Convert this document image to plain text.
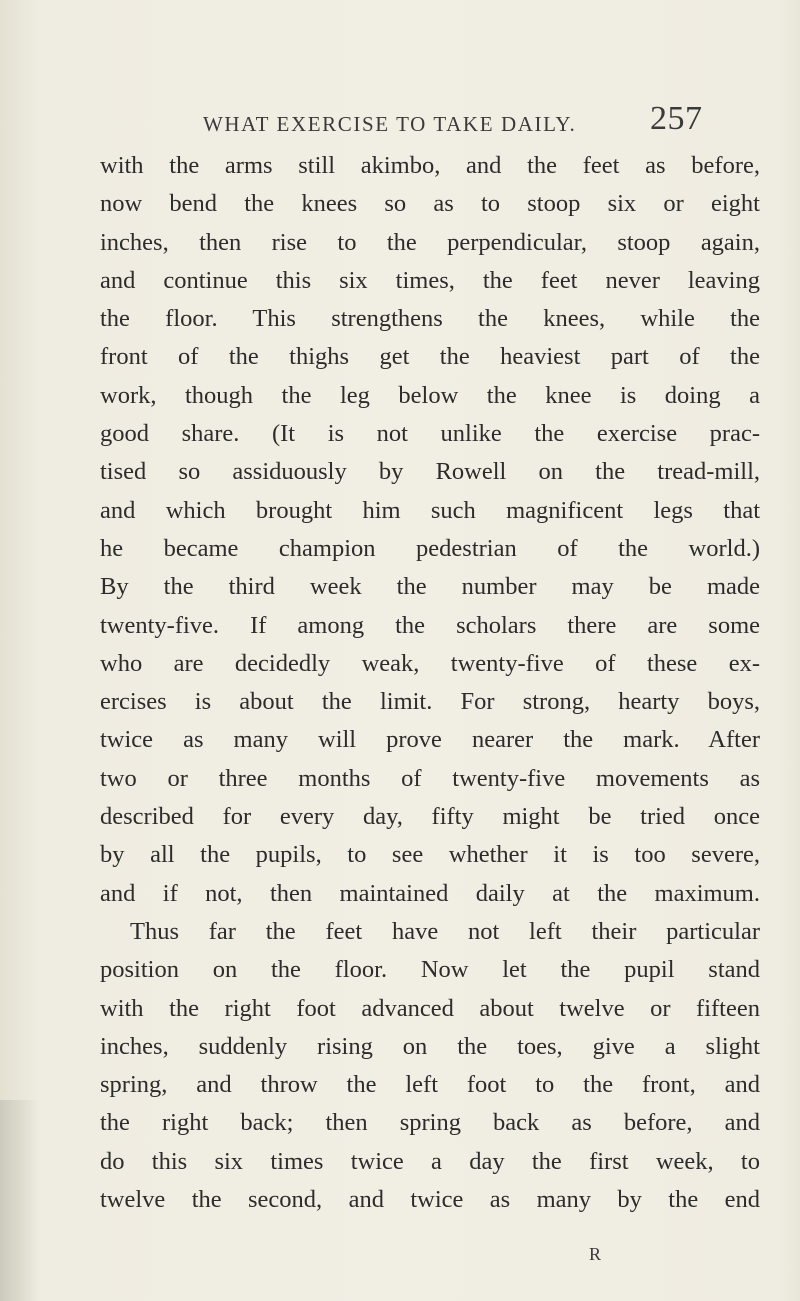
WHAT EXERCISE TO TAKE DAILY. 257
with the arms still akimbo, and the feet as before,
now bend the knees so as to stoop six or eight
inches, then rise to the perpendicular, stoop again,
and continue this six times, the feet never leaving
the floor. This strengthens the knees, while the
front of the thighs get the heaviest part of the
work, though the leg below the knee is doing a
good share. (It is not unlike the exercise prac-
tised so assiduously by Rowell on the tread-mill,
and which brought him such magnificent legs that
he became champion pedestrian of the world.)
By the third week the number may be made
twenty-five. If among the scholars there are some
who are decidedly weak, twenty-five of these ex-
ercises is about the limit. For strong, hearty boys,
twice as many will prove nearer the mark. After
two or three months of twenty-five movements as
described for every day, fifty might be tried once
by all the pupils, to see whether it is too severe,
and if not, then maintained daily at the maximum.
Thus far the feet have not left their particular
position on the floor. Now let the pupil stand
with the right foot advanced about twelve or fifteen
inches, suddenly rising on the toes, give a slight
spring, and throw the left foot to the front, and
the right back; then spring back as before, and
do this six times twice a day the first week, to
twelve the second, and twice as many by the end
R
